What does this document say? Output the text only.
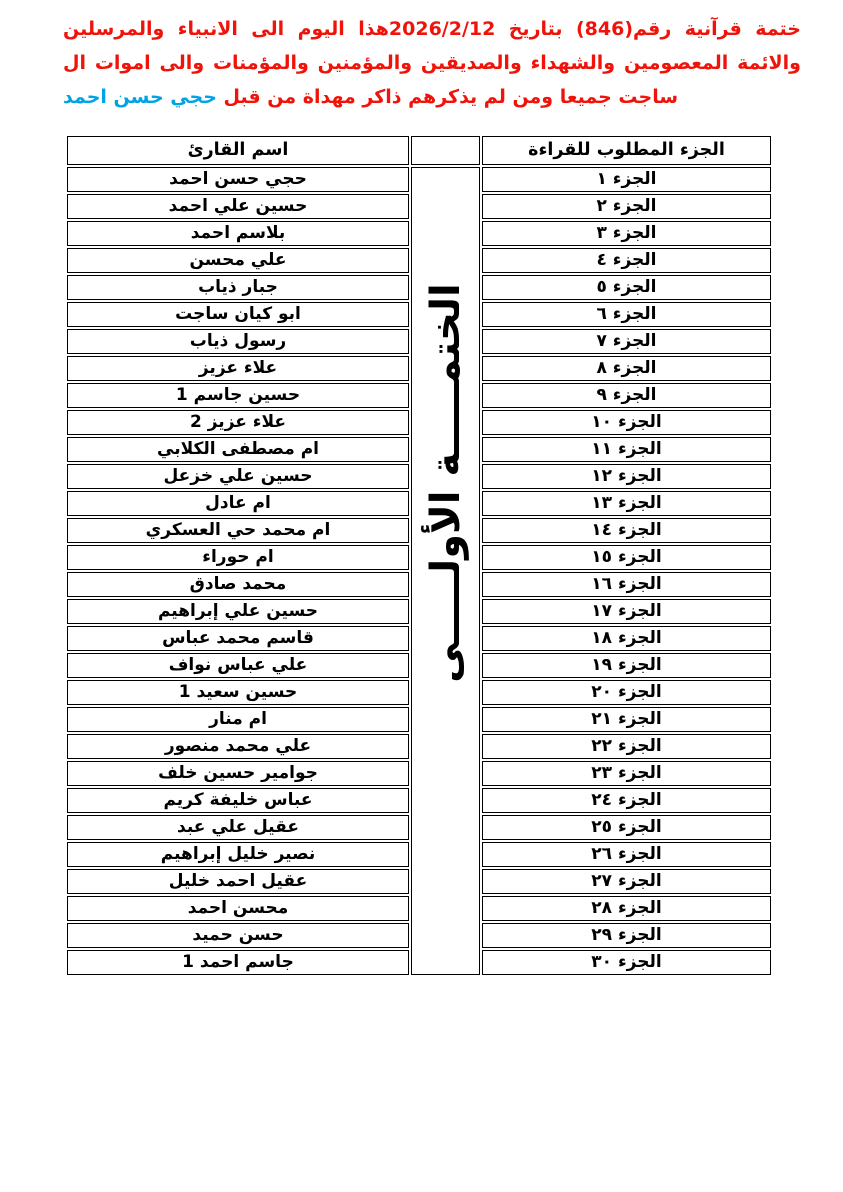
ختمة قرآنية رقم(846) بتاريخ 2026/2/12هذا اليوم الى الانبياء والمرسلين
والائمة المعصومين والشهداء والصديقين والمؤمنين والمؤمنات والى اموات ال
ساجت جميعا ومن لم يذكرهم ذاكر مهداة من قبل حجي حسن احمد
الجزء المطلوب للقراءة		اسم القارئ
الجزء ١	الختمـــــة الأولـــــى	حجي حسن احمد
الجزء ٢		حسين علي احمد
الجزء ٣		بلاسم احمد
الجزء ٤		علي محسن
الجزء ٥		جبار ذياب
الجزء ٦		ابو كيان ساجت
الجزء ٧		رسول ذياب
الجزء ٨		علاء عزيز
الجزء ٩		حسين جاسم 1
الجزء ١٠		علاء عزيز 2
الجزء ١١		ام مصطفى الكلابي
الجزء ١٢		حسين علي خزعل
الجزء ١٣		ام عادل
الجزء ١٤		ام محمد حي العسكري
الجزء ١٥		ام حوراء
الجزء ١٦		محمد صادق
الجزء ١٧		حسين علي إبراهيم
الجزء ١٨		قاسم محمد عباس
الجزء ١٩		علي عباس نواف
الجزء ٢٠		حسين سعيد 1
الجزء ٢١		ام منار
الجزء ٢٢		علي محمد منصور
الجزء ٢٣		جوامير حسين خلف
الجزء ٢٤		عباس خليفة كريم
الجزء ٢٥		عقيل علي عبد
الجزء ٢٦		نصير خليل إبراهيم
الجزء ٢٧		عقيل احمد خليل
الجزء ٢٨		محسن احمد
الجزء ٢٩		حسن حميد
الجزء ٣٠		جاسم احمد 1
